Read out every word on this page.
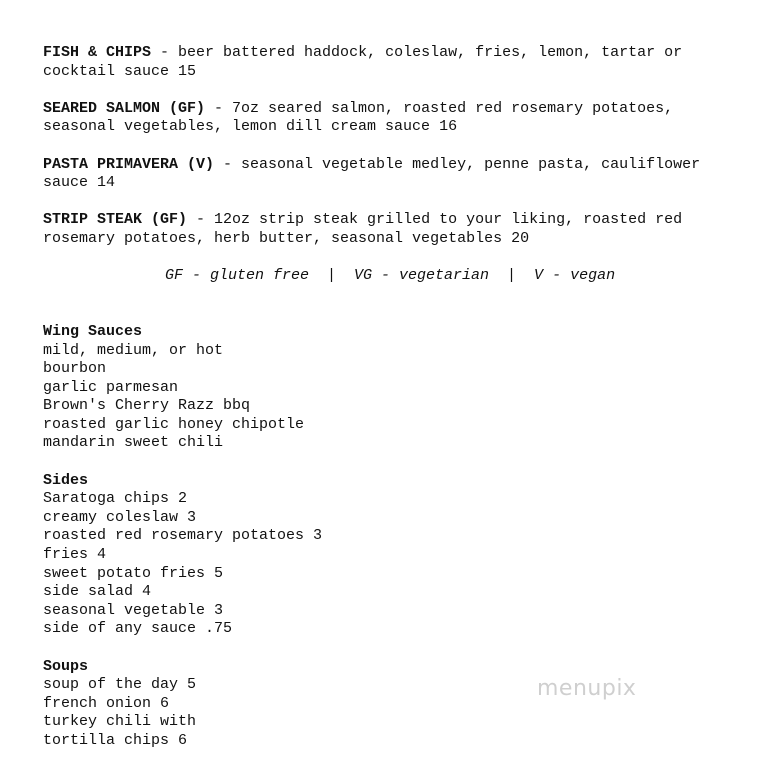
FISH & CHIPS - beer battered haddock, coleslaw, fries, lemon, tartar or cocktail sauce 15
SEARED SALMON (GF) - 7oz seared salmon, roasted red rosemary potatoes, seasonal vegetables, lemon dill cream sauce 16
PASTA PRIMAVERA (V) - seasonal vegetable medley, penne pasta, cauliflower sauce 14
STRIP STEAK (GF) - 12oz strip steak grilled to your liking, roasted red rosemary potatoes, herb butter, seasonal vegetables 20
GF - gluten free  |  VG - vegetarian  |  V - vegan
Wing Sauces
mild, medium, or hot
bourbon
garlic parmesan
Brown's Cherry Razz bbq
roasted garlic honey chipotle
mandarin sweet chili
Sides
Saratoga chips 2
creamy coleslaw 3
roasted red rosemary potatoes 3
fries 4
sweet potato fries 5
side salad 4
seasonal vegetable 3
side of any sauce .75
Soups
soup of the day 5
french onion 6
turkey chili with
tortilla chips 6
menupix
